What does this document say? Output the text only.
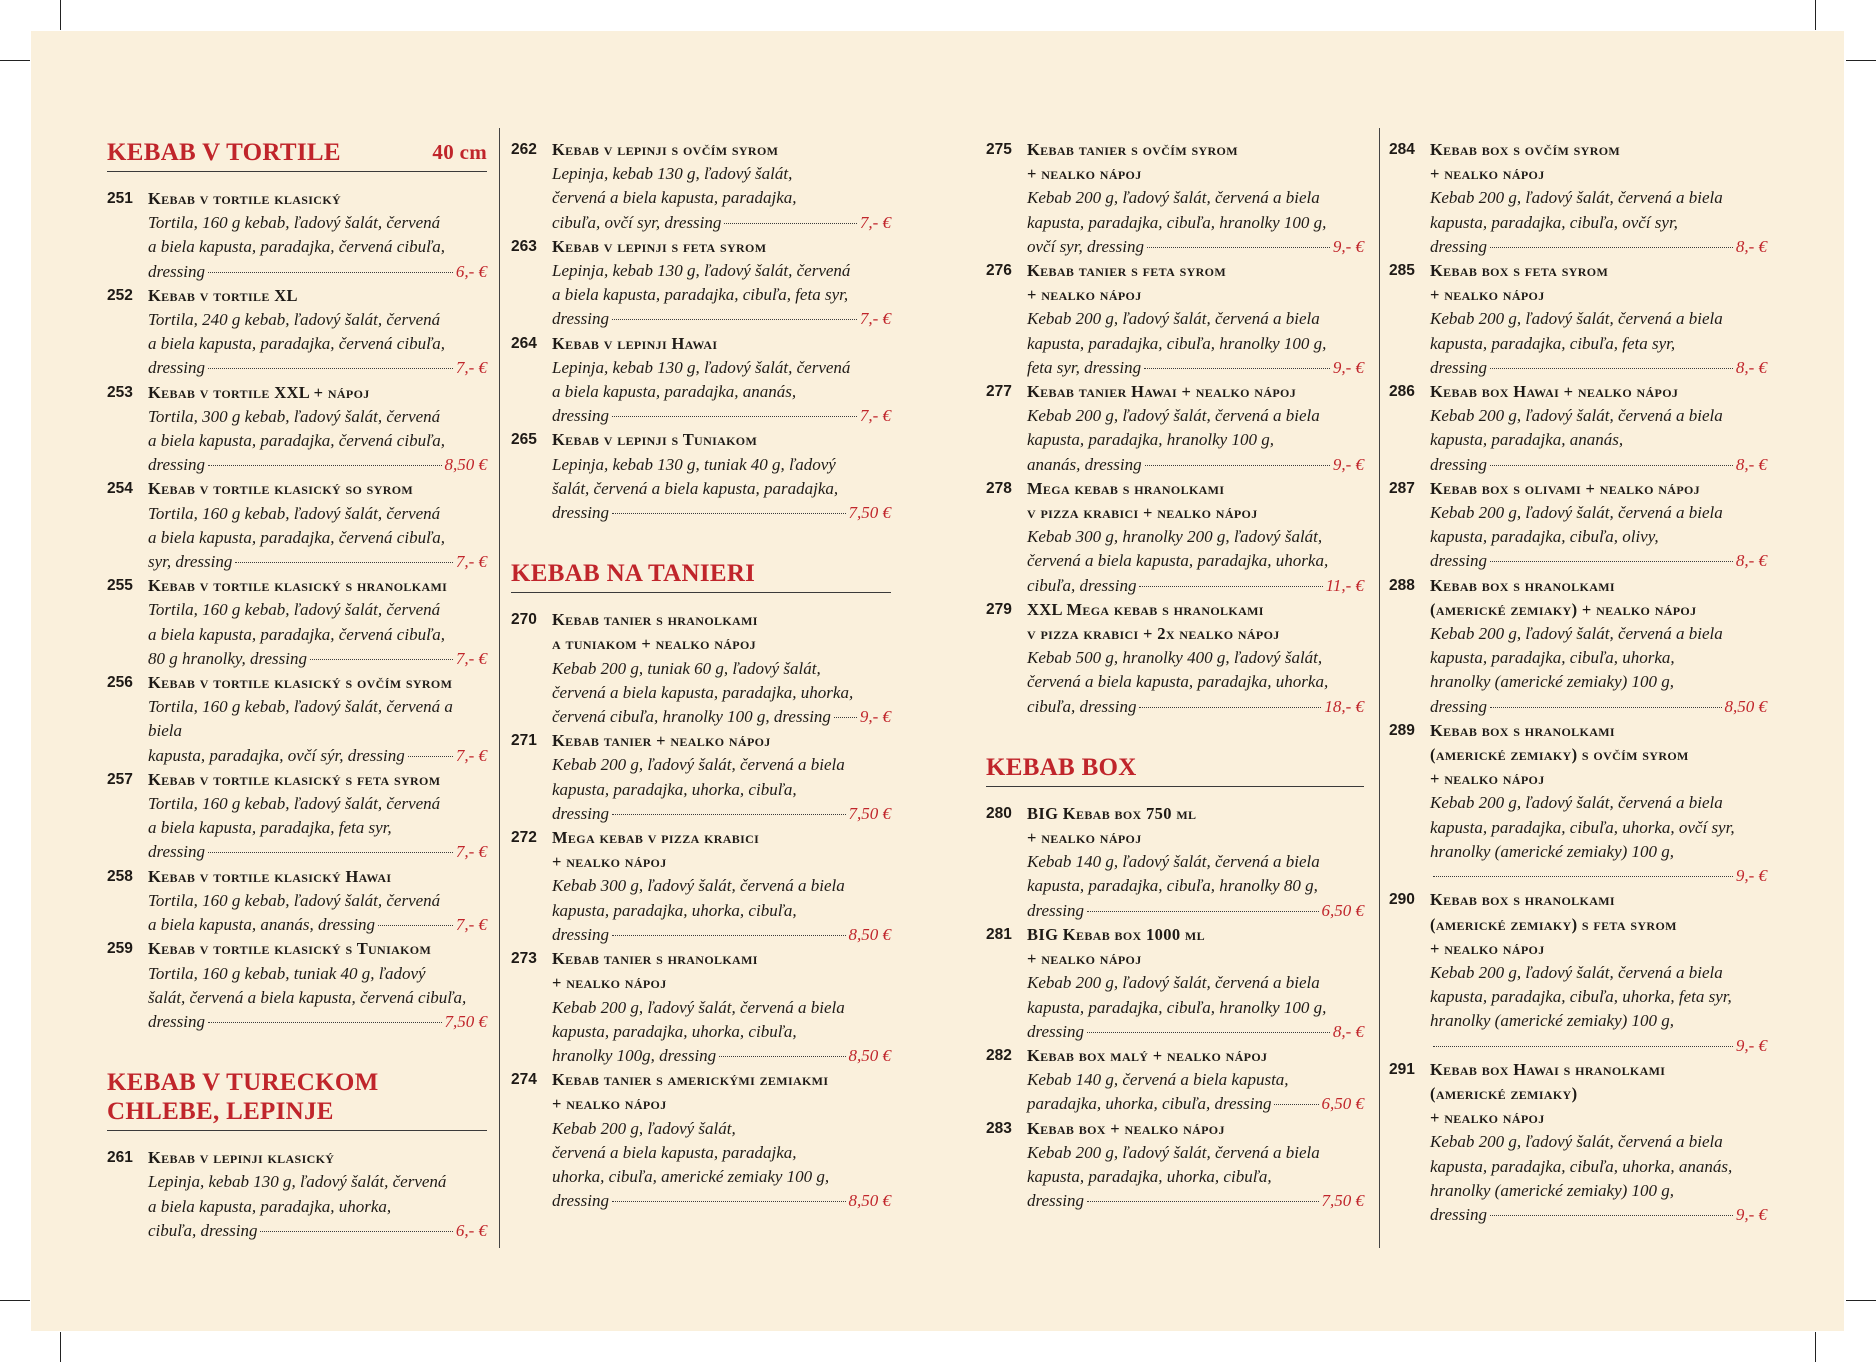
KEBAB V TORTILE	40 cm
251 Kebab v tortile klasický
Tortila, 160 g kebab, ľadový šalát, červená
a biela kapusta, paradajka, červená cibuľa,
dressing	6,- €
252 Kebab v tortile XL
Tortila, 240 g kebab, ľadový šalát, červená
a biela kapusta, paradajka, červená cibuľa,
dressing	7,- €
253 Kebab v tortile XXL + nápoj
Tortila, 300 g kebab, ľadový šalát, červená
a biela kapusta, paradajka, červená cibuľa,
dressing	8,50 €
254 Kebab v tortile klasický so syrom
Tortila, 160 g kebab, ľadový šalát, červená
a biela kapusta, paradajka, červená cibuľa,
syr, dressing	7,- €
255 Kebab v tortile klasický s hranolkami
Tortila, 160 g kebab, ľadový šalát, červená
a biela kapusta, paradajka, červená cibuľa,
80 g hranolky, dressing	7,- €
256 Kebab v tortile klasický s ovčím syrom
Tortila, 160 g kebab, ľadový šalát, červená a biela
kapusta, paradajka, ovčí sýr, dressing	7,- €
257 Kebab v tortile klasický s feta syrom
Tortila, 160 g kebab, ľadový šalát, červená
a biela kapusta, paradajka, feta syr,
dressing	7,- €
258 Kebab v tortile klasický Hawai
Tortila, 160 g kebab, ľadový šalát, červená
a biela kapusta, ananás, dressing	7,- €
259 Kebab v tortile klasický s Tuniakom
Tortila, 160 g kebab, tuniak 40 g, ľadový
šalát, červená a biela kapusta, červená cibuľa,
dressing	7,50 €
KEBAB V TURECKOM CHLEBE, LEPINJE
261 Kebab v lepinji klasický
Lepinja, kebab 130 g, ľadový šalát, červená
a biela kapusta, paradajka, uhorka,
cibuľa, dressing	6,- €
262 Kebab v lepinji s ovčím syrom
Lepinja, kebab 130 g, ľadový šalát,
červená a biela kapusta, paradajka,
cibuľa, ovčí syr, dressing	7,- €
263 Kebab v lepinji s feta syrom
Lepinja, kebab 130 g, ľadový šalát, červená
a biela kapusta, paradajka, cibuľa, feta syr,
dressing	7,- €
264 Kebab v lepinji Hawai
Lepinja, kebab 130 g, ľadový šalát, červená
a biela kapusta, paradajka, ananás,
dressing	7,- €
265 Kebab v lepinji s Tuniakom
Lepinja, kebab 130 g, tuniak 40 g, ľadový
šalát, červená a biela kapusta, paradajka,
dressing	7,50 €
KEBAB NA TANIERI
270 Kebab tanier s hranolkami
a tuniakom + nealko nápoj
Kebab 200 g, tuniak 60 g, ľadový šalát,
červená a biela kapusta, paradajka, uhorka,
červená cibuľa, hranolky 100 g, dressing 9,- €
271 Kebab tanier + nealko nápoj
Kebab 200 g, ľadový šalát, červená a biela
kapusta, paradajka, uhorka, cibuľa,
dressing	7,50 €
272 Mega kebab v pizza krabici
+ nealko nápoj
Kebab 300 g, ľadový šalát, červená a biela
kapusta, paradajka, uhorka, cibuľa,
dressing	8,50 €
273 Kebab tanier s hranolkami
+ nealko nápoj
Kebab 200 g, ľadový šalát, červená a biela
kapusta, paradajka, uhorka, cibuľa,
hranolky 100g, dressing	8,50 €
274 Kebab tanier s americkými zemiakmi
+ nealko nápoj
Kebab 200 g, ľadový šalát,
červená a biela kapusta, paradajka,
uhorka, cibuľa, americké zemiaky 100 g,
dressing	8,50 €
275 Kebab tanier s ovčím syrom
+ nealko nápoj
Kebab 200 g, ľadový šalát, červená a biela
kapusta, paradajka, cibuľa, hranolky 100 g,
ovčí syr, dressing	9,- €
276 Kebab tanier s feta syrom
+ nealko nápoj
Kebab 200 g, ľadový šalát, červená a biela
kapusta, paradajka, cibuľa, hranolky 100 g,
feta syr, dressing	9,- €
277 Kebab tanier Hawai + nealko nápoj
Kebab 200 g, ľadový šalát, červená a biela
kapusta, paradajka, hranolky 100 g,
ananás, dressing	9,- €
278 Mega kebab s hranolkami
v pizza krabici + nealko nápoj
Kebab 300 g, hranolky 200 g, ľadový šalát,
červená a biela kapusta, paradajka, uhorka,
cibuľa, dressing	11,- €
279 XXL Mega kebab s hranolkami
v pizza krabici + 2x nealko nápoj
Kebab 500 g, hranolky 400 g, ľadový šalát,
červená a biela kapusta, paradajka, uhorka,
cibuľa, dressing	18,- €
KEBAB BOX
280 BIG Kebab box 750 ml
+ nealko nápoj
Kebab 140 g, ľadový šalát, červená a biela
kapusta, paradajka, cibuľa, hranolky 80 g,
dressing	6,50 €
281 BIG Kebab box 1000 ml
+ nealko nápoj
Kebab 200 g, ľadový šalát, červená a biela
kapusta, paradajka, cibuľa, hranolky 100 g,
dressing	8,- €
282 Kebab box malý + nealko nápoj
Kebab 140 g, červená a biela kapusta,
paradajka, uhorka, cibuľa, dressing	6,50 €
283 Kebab box + nealko nápoj
Kebab 200 g, ľadový šalát, červená a biela
kapusta, paradajka, uhorka, cibuľa,
dressing	7,50 €
284 Kebab box s ovčím syrom
+ nealko nápoj
Kebab 200 g, ľadový šalát, červená a biela
kapusta, paradajka, cibuľa, ovčí syr,
dressing	8,- €
285 Kebab box s feta syrom
+ nealko nápoj
Kebab 200 g, ľadový šalát, červená a biela
kapusta, paradajka, cibuľa, feta syr,
dressing	8,- €
286 Kebab box Hawai + nealko nápoj
Kebab 200 g, ľadový šalát, červená a biela
kapusta, paradajka, ananás,
dressing	8,- €
287 Kebab box s olivami + nealko nápoj
Kebab 200 g, ľadový šalát, červená a biela
kapusta, paradajka, cibuľa, olivy,
dressing	8,- €
288 Kebab box s hranolkami
(americké zemiaky) + nealko nápoj
Kebab 200 g, ľadový šalát, červená a biela
kapusta, paradajka, cibuľa, uhorka,
hranolky (americké zemiaky) 100 g,
dressing	8,50 €
289 Kebab box s hranolkami
(americké zemiaky) s ovčím syrom
+ nealko nápoj
Kebab 200 g, ľadový šalát, červená a biela
kapusta, paradajka, cibuľa, uhorka, ovčí syr,
hranolky (americké zemiaky) 100 g,
9,- €
290 Kebab box s hranolkami
(americké zemiaky) s feta syrom
+ nealko nápoj
Kebab 200 g, ľadový šalát, červená a biela
kapusta, paradajka, cibuľa, uhorka, feta syr,
hranolky (americké zemiaky) 100 g,
9,- €
291 Kebab box Hawai s hranolkami
(americké zemiaky)
+ nealko nápoj
Kebab 200 g, ľadový šalát, červená a biela
kapusta, paradajka, cibuľa, uhorka, ananás,
hranolky (americké zemiaky) 100 g,
dressing	9,- €
